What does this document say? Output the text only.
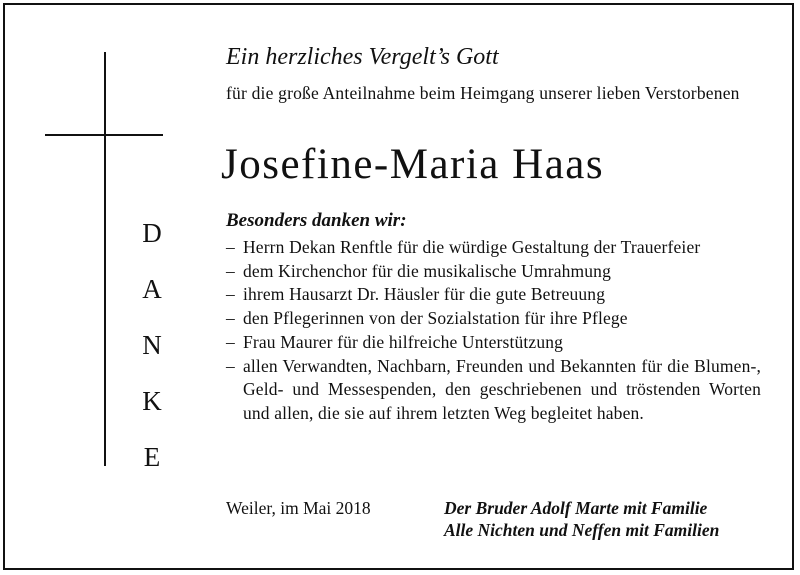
D
A
N
K
E
Ein herzliches Vergelt’s Gott

für die große Anteilnahme beim Heimgang unserer lieben Verstorbenen

Josefine-Maria Haas
Besonders danken wir:
– Herrn Dekan Renftle für die würdige Gestaltung der Trauerfeier
– dem Kirchenchor für die musikalische Umrahmung
– ihrem Hausarzt Dr. Häusler für die gute Betreuung
– den Pflegerinnen von der Sozialstation für ihre Pflege
– Frau Maurer für die hilfreiche Unterstützung
– allen Verwandten, Nachbarn, Freunden und Bekannten für die Blumen-, Geld- und Messespenden, den geschriebenen und tröstenden Worten und allen, die sie auf ihrem letzten Weg begleitet haben.

Weiler, im Mai 2018	Der Bruder Adolf Marte mit Familie
Alle Nichten und Neffen mit Familien
